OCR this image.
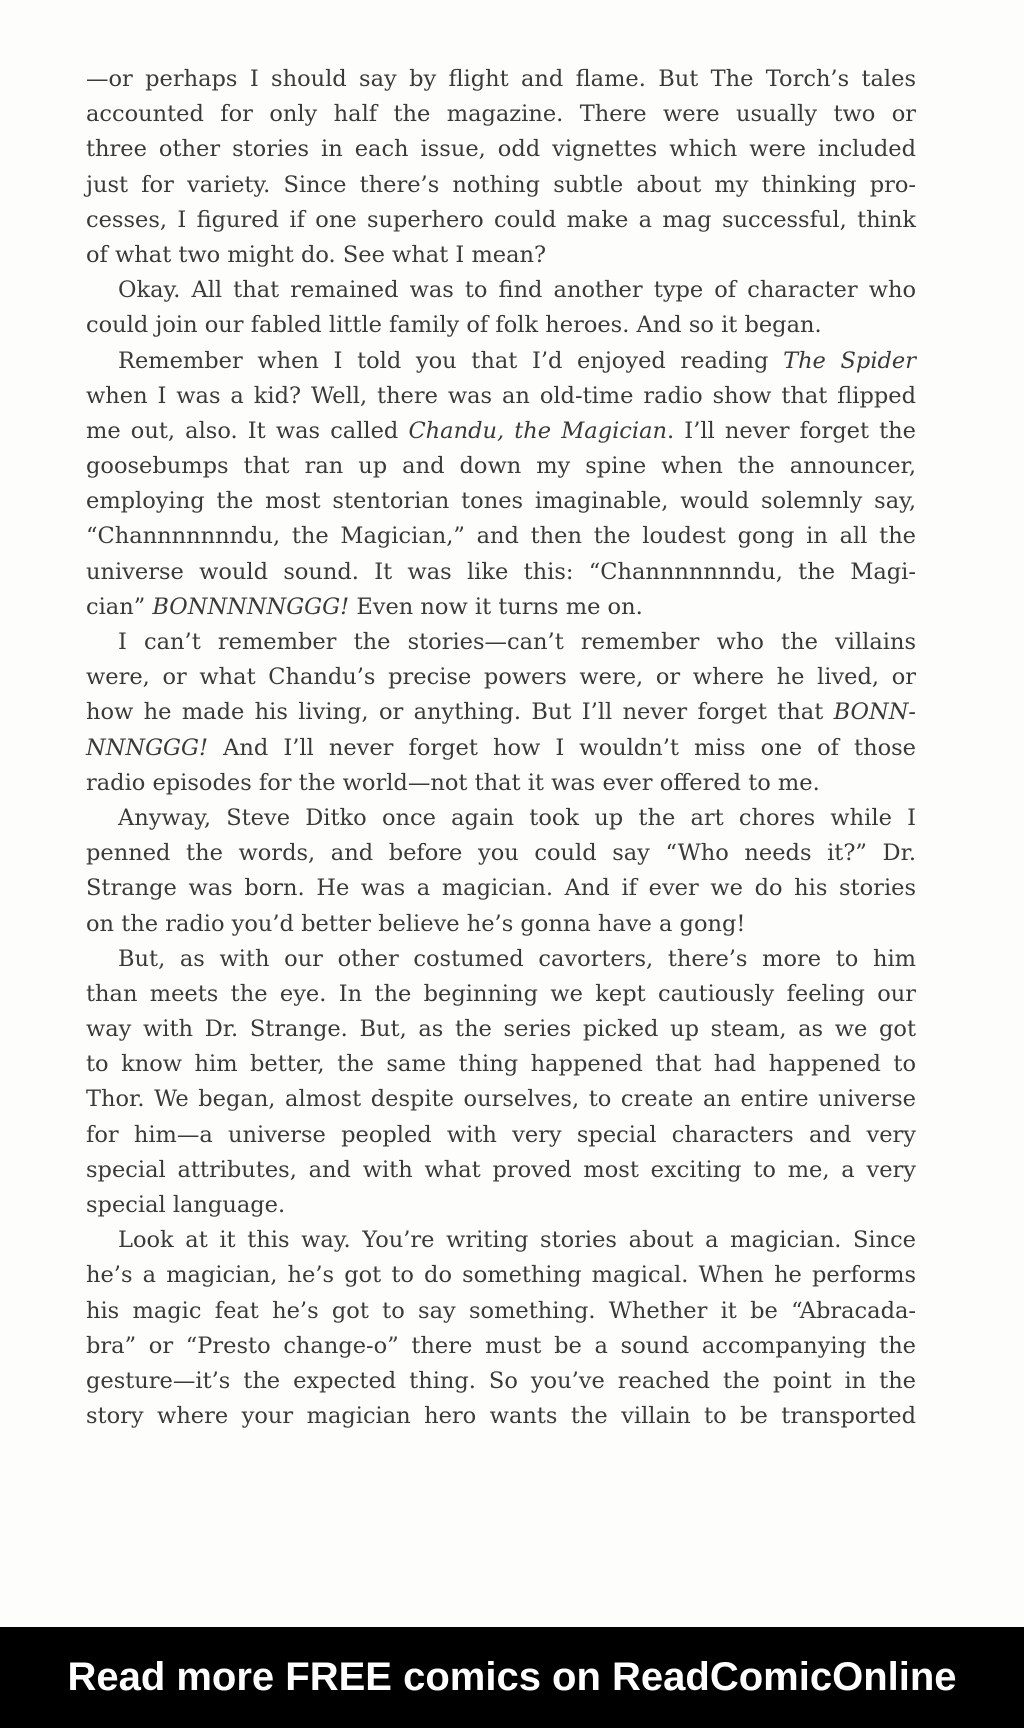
—or perhaps I should say by flight and flame. But The Torch’s tales
accounted for only half the magazine. There were usually two or
three other stories in each issue, odd vignettes which were included
just for variety. Since there’s nothing subtle about my thinking pro-
cesses, I figured if one superhero could make a mag successful, think
of what two might do. See what I mean?
Okay. All that remained was to find another type of character who
could join our fabled little family of folk heroes. And so it began.
Remember when I told you that I’d enjoyed reading The Spider
when I was a kid? Well, there was an old-time radio show that flipped
me out, also. It was called Chandu, the Magician. I’ll never forget the
goosebumps that ran up and down my spine when the announcer,
employing the most stentorian tones imaginable, would solemnly say,
“Channnnnnndu, the Magician,” and then the loudest gong in all the
universe would sound. It was like this: “Channnnnnndu, the Magi-
cian” BONNNNNGGG! Even now it turns me on.
I can’t remember the stories—can’t remember who the villains
were, or what Chandu’s precise powers were, or where he lived, or
how he made his living, or anything. But I’ll never forget that BONN-
NNNGGG! And I’ll never forget how I wouldn’t miss one of those
radio episodes for the world—not that it was ever offered to me.
Anyway, Steve Ditko once again took up the art chores while I
penned the words, and before you could say “Who needs it?” Dr.
Strange was born. He was a magician. And if ever we do his stories
on the radio you’d better believe he’s gonna have a gong!
But, as with our other costumed cavorters, there’s more to him
than meets the eye. In the beginning we kept cautiously feeling our
way with Dr. Strange. But, as the series picked up steam, as we got
to know him better, the same thing happened that had happened to
Thor. We began, almost despite ourselves, to create an entire universe
for him—a universe peopled with very special characters and very
special attributes, and with what proved most exciting to me, a very
special language.
Look at it this way. You’re writing stories about a magician. Since
he’s a magician, he’s got to do something magical. When he performs
his magic feat he’s got to say something. Whether it be “Abracada-
bra” or “Presto change-o” there must be a sound accompanying the
gesture—it’s the expected thing. So you’ve reached the point in the
story where your magician hero wants the villain to be transported
Read more FREE comics on ReadComicOnline
